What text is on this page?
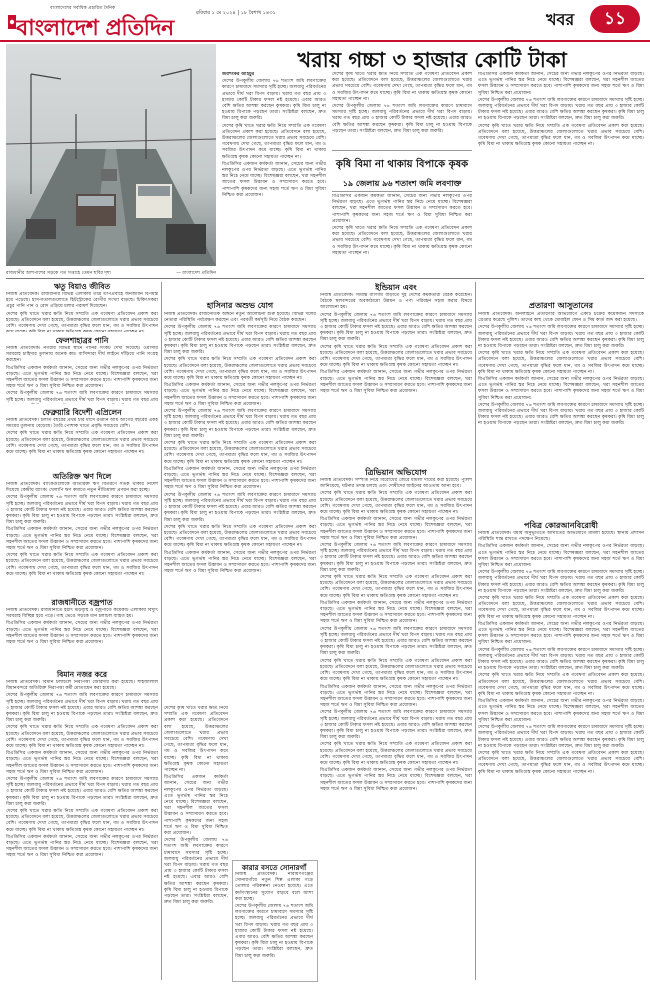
বাংলাদেশের সর্বাধিক প্রচারিত দৈনিক
বাংলাদেশ প্রতিদিন
রবিবার ১ মে ২০২৪ | ১৮ বৈশাখ ১৪৩১	খবর	১১
খরায় গচ্চা ৩ হাজার কোটি টাকা
রাজধানীর আশপাশের সড়কে গত সপ্তাহে তেমন ছবির দৃশ্য	— বাংলাদেশ প্রতিদিন

জয়শংকর আইচুর

দেশের উপকূলীয় জেলায় ৭৬ শতাংশ জমি লবণাক্তের কারণে চাষাবাদে সমস্যার সৃষ্টি হচ্ছে। জলবায়ু পরিবর্তনের প্রভাবে দীর্ঘ খরা বিপদ বাড়ায়। খরায় গত বছর প্রায় ৩ হাজার কোটি টাকার ফসল নষ্ট হয়েছে। এবার আরও বেশি ক্ষতির আশঙ্কা করছেন কৃষকরা। কৃষি বিমা চালু না হওয়ায় বিপাকে পড়ছেন তারা। সংশ্লিষ্টরা বলছেন, দ্রুত বিমা চালু করা জরুরি।

দেশের কৃষি খাতে খরার ক্ষতি নিয়ে সম্প্রতি এক গবেষণা প্রতিবেদন প্রকাশ করা হয়েছে। প্রতিবেদনে বলা হয়েছে, উত্তরাঞ্চলের জেলাগুলোতে খরার প্রভাব সবচেয়ে বেশি। গবেষণায় দেখা গেছে, তাপমাত্রা বৃদ্ধির ফলে ধান, গম ও সবজির উৎপাদন কমে যাচ্ছে। কৃষি বিমা না থাকায় ক্ষতিগ্রস্ত কৃষক কোনো সহায়তা পাচ্ছেন না।

বিএডিসির একজন কর্মকর্তা জানান, সেচের জন্য গভীর নলকূপের ওপর নির্ভরতা বাড়ছে। এতে ভূগর্ভস্থ পানির স্তর নিচে নেমে যাচ্ছে। বিশেষজ্ঞরা বলছেন, খরা সহনশীল জাতের ফসল উদ্ভাবন ও সম্প্রসারণ করতে হবে। পাশাপাশি কৃষকদের জন্য সহজ শর্তে ঋণ ও বিমা সুবিধা নিশ্চিত করা প্রয়োজন।

দেশের কৃষি খাতে খরার ক্ষতি নিয়ে সম্প্রতি এক গবেষণা প্রতিবেদন প্রকাশ করা হয়েছে। প্রতিবেদনে বলা হয়েছে, উত্তরাঞ্চলের জেলাগুলোতে খরার প্রভাব সবচেয়ে বেশি। গবেষণায় দেখা গেছে, তাপমাত্রা বৃদ্ধির ফলে ধান, গম ও সবজির উৎপাদন কমে যাচ্ছে। কৃষি বিমা না থাকায় ক্ষতিগ্রস্ত কৃষক কোনো সহায়তা পাচ্ছেন না।

দেশের উপকূলীয় জেলায় ৭৬ শতাংশ জমি লবণাক্তের কারণে চাষাবাদে সমস্যার সৃষ্টি হচ্ছে। জলবায়ু পরিবর্তনের প্রভাবে দীর্ঘ খরা বিপদ বাড়ায়। খরায় গত বছর প্রায় ৩ হাজার কোটি টাকার ফসল নষ্ট হয়েছে। এবার আরও বেশি ক্ষতির আশঙ্কা করছেন কৃষকরা। কৃষি বিমা চালু না হওয়ায় বিপাকে পড়ছেন তারা। সংশ্লিষ্টরা বলছেন, দ্রুত বিমা চালু করা জরুরি।

কৃষি বিমা না থাকায় বিপাকে কৃষক
১৯ জেলায় ৯৬ শতাংশ জমি লবণাক্ত

বিএডিসির একজন কর্মকর্তা জানান, সেচের জন্য গভীর নলকূপের ওপর নির্ভরতা বাড়ছে। এতে ভূগর্ভস্থ পানির স্তর নিচে নেমে যাচ্ছে। বিশেষজ্ঞরা বলছেন, খরা সহনশীল জাতের ফসল উদ্ভাবন ও সম্প্রসারণ করতে হবে। পাশাপাশি কৃষকদের জন্য সহজ শর্তে ঋণ ও বিমা সুবিধা নিশ্চিত করা প্রয়োজন।

দেশের কৃষি খাতে খরার ক্ষতি নিয়ে সম্প্রতি এক গবেষণা প্রতিবেদন প্রকাশ করা হয়েছে। প্রতিবেদনে বলা হয়েছে, উত্তরাঞ্চলের জেলাগুলোতে খরার প্রভাব সবচেয়ে বেশি। গবেষণায় দেখা গেছে, তাপমাত্রা বৃদ্ধির ফলে ধান, গম ও সবজির উৎপাদন কমে যাচ্ছে। কৃষি বিমা না থাকায় ক্ষতিগ্রস্ত কৃষক কোনো সহায়তা পাচ্ছেন না।

বিএডিসির একজন কর্মকর্তা জানান, সেচের জন্য গভীর নলকূপের ওপর নির্ভরতা বাড়ছে। এতে ভূগর্ভস্থ পানির স্তর নিচে নেমে যাচ্ছে। বিশেষজ্ঞরা বলছেন, খরা সহনশীল জাতের ফসল উদ্ভাবন ও সম্প্রসারণ করতে হবে। পাশাপাশি কৃষকদের জন্য সহজ শর্তে ঋণ ও বিমা সুবিধা নিশ্চিত করা প্রয়োজন।

দেশের উপকূলীয় জেলায় ৭৬ শতাংশ জমি লবণাক্তের কারণে চাষাবাদে সমস্যার সৃষ্টি হচ্ছে। জলবায়ু পরিবর্তনের প্রভাবে দীর্ঘ খরা বিপদ বাড়ায়। খরায় গত বছর প্রায় ৩ হাজার কোটি টাকার ফসল নষ্ট হয়েছে। এবার আরও বেশি ক্ষতির আশঙ্কা করছেন কৃষকরা। কৃষি বিমা চালু না হওয়ায় বিপাকে পড়ছেন তারা। সংশ্লিষ্টরা বলছেন, দ্রুত বিমা চালু করা জরুরি।

দেশের কৃষি খাতে খরার ক্ষতি নিয়ে সম্প্রতি এক গবেষণা প্রতিবেদন প্রকাশ করা হয়েছে। প্রতিবেদনে বলা হয়েছে, উত্তরাঞ্চলের জেলাগুলোতে খরার প্রভাব সবচেয়ে বেশি। গবেষণায় দেখা গেছে, তাপমাত্রা বৃদ্ধির ফলে ধান, গম ও সবজির উৎপাদন কমে যাচ্ছে। কৃষি বিমা না থাকায় ক্ষতিগ্রস্ত কৃষক কোনো সহায়তা পাচ্ছেন না।

ঋতু বিয়াও জীবিত

নিজস্ব প্রতিবেদক। রাজধানীর বিভিন্ন এলাকায় তীব্র তাপপ্রবাহে জনজীবন বিপর্যস্ত হয়ে পড়েছে। হাসপাতালগুলোতে হিটস্ট্রোকের রোগীর সংখ্যা বাড়ছে। চিকিৎসকরা প্রচুর পানি পান ও রোদ এড়িয়ে চলার পরামর্শ দিয়েছেন।

দেশের কৃষি খাতে খরার ক্ষতি নিয়ে সম্প্রতি এক গবেষণা প্রতিবেদন প্রকাশ করা হয়েছে। প্রতিবেদনে বলা হয়েছে, উত্তরাঞ্চলের জেলাগুলোতে খরার প্রভাব সবচেয়ে বেশি। গবেষণায় দেখা গেছে, তাপমাত্রা বৃদ্ধির ফলে ধান, গম ও সবজির উৎপাদন

ফেলশাহাব্রর পানি

নিজস্ব প্রতিবেদক। নগরীর বিভিন্ন স্থানে পানির সংকট দেখা দিয়েছে। ওয়াসার সরবরাহ চাহিদার তুলনায় অনেক কম। বাসিন্দারা দীর্ঘ লাইনে দাঁড়িয়ে পানি সংগ্রহ করছেন।

বিএডিসির একজন কর্মকর্তা জানান, সেচের জন্য গভীর নলকূপের ওপর নির্ভরতা বাড়ছে। এতে ভূগর্ভস্থ পানির স্তর নিচে নেমে যাচ্ছে। বিশেষজ্ঞরা বলছেন, খরা সহনশীল জাতের ফসল উদ্ভাবন ও সম্প্রসারণ করতে হবে। পাশাপাশি কৃষকদের জন্য সহজ শর্তে ঋণ ও বিমা সুবিধা নিশ্চিত করা প্রয়োজন।

দেশের উপকূলীয় জেলায় ৭৬ শতাংশ জমি লবণাক্তের কারণে চাষাবাদে সমস্যার সৃষ্টি হচ্ছে। জলবায়ু পরিবর্তনের প্রভাবে দীর্ঘ খরা বিপদ বাড়ায়। খরায় গত বছর প্রায়

ফেব্রুয়ারি বিদেশী এপ্রিলেন

নিজস্ব প্রতিবেদক। চলতি বছরের প্রথম চার মাসে রপ্তানি আয় আগের বছরের একই সময়ের তুলনায় বেড়েছে। তৈরি পোশাক খাতে প্রবৃদ্ধি সবচেয়ে বেশি।

দেশের কৃষি খাতে খরার ক্ষতি নিয়ে সম্প্রতি এক গবেষণা প্রতিবেদন প্রকাশ করা হয়েছে। প্রতিবেদনে বলা হয়েছে, উত্তরাঞ্চলের জেলাগুলোতে খরার প্রভাব সবচেয়ে বেশি। গবেষণায় দেখা গেছে, তাপমাত্রা বৃদ্ধির ফলে ধান, গম ও সবজির উৎপাদন কমে যাচ্ছে। কৃষি বিমা না থাকায় ক্ষতিগ্রস্ত কৃষক কোনো সহায়তা পাচ্ছেন না।

অতিরিক্ত ঋণ দিলে

নিজস্ব প্রতিবেদক। ব্যাংকগুলোকে অতিরিক্ত ঋণ বিতরণে সতর্ক থাকার নির্দেশ দিয়েছে কেন্দ্রীয় ব্যাংক। খেলাপি ঋণ কমাতে নতুন নীতিমালা প্রণয়ন করা হচ্ছে।

দেশের উপকূলীয় জেলায় ৭৬ শতাংশ জমি লবণাক্তের কারণে চাষাবাদে সমস্যার সৃষ্টি হচ্ছে। জলবায়ু পরিবর্তনের প্রভাবে দীর্ঘ খরা বিপদ বাড়ায়। খরায় গত বছর প্রায় ৩ হাজার কোটি টাকার ফসল নষ্ট হয়েছে। এবার আরও বেশি ক্ষতির আশঙ্কা করছেন কৃষকরা। কৃষি বিমা চালু না হওয়ায় বিপাকে পড়ছেন তারা। সংশ্লিষ্টরা বলছেন, দ্রুত বিমা চালু করা জরুরি।

বিএডিসির একজন কর্মকর্তা জানান, সেচের জন্য গভীর নলকূপের ওপর নির্ভরতা বাড়ছে। এতে ভূগর্ভস্থ পানির স্তর নিচে নেমে যাচ্ছে। বিশেষজ্ঞরা বলছেন, খরা সহনশীল জাতের ফসল উদ্ভাবন ও সম্প্রসারণ করতে হবে। পাশাপাশি কৃষকদের জন্য সহজ শর্তে ঋণ ও বিমা সুবিধা নিশ্চিত করা প্রয়োজন।

দেশের কৃষি খাতে খরার ক্ষতি নিয়ে সম্প্রতি এক গবেষণা প্রতিবেদন প্রকাশ করা হয়েছে। প্রতিবেদনে বলা হয়েছে, উত্তরাঞ্চলের জেলাগুলোতে খরার প্রভাব সবচেয়ে বেশি। গবেষণায় দেখা গেছে, তাপমাত্রা বৃদ্ধির ফলে ধান, গম ও সবজির উৎপাদন কমে যাচ্ছে। কৃষি বিমা না থাকায় ক্ষতিগ্রস্ত কৃষক কোনো সহায়তা পাচ্ছেন না।

রাজধানীতে বজ্রপাত

নিজস্ব প্রতিবেদক। রাজধানীতে হঠাৎ ঝড়বৃষ্টি ও বজ্রপাতে কয়েকটি এলাকায় বিদ্যুৎ সরবরাহ বিচ্ছিন্ন হয়ে পড়ে। গাছ ভেঙে সড়কে যান চলাচল ব্যাহত হয়।

বিএডিসির একজন কর্মকর্তা জানান, সেচের জন্য গভীর নলকূপের ওপর নির্ভরতা বাড়ছে। এতে ভূগর্ভস্থ পানির স্তর নিচে নেমে যাচ্ছে। বিশেষজ্ঞরা বলছেন, খরা সহনশীল জাতের ফসল উদ্ভাবন ও সম্প্রসারণ করতে হবে। পাশাপাশি কৃষকদের জন্য সহজ শর্তে ঋণ ও বিমা সুবিধা নিশ্চিত করা প্রয়োজন।

বিমান নজর করে

নিজস্ব প্রতিবেদক। বিমান চলাচলে নিরাপত্তা জোরদার করা হয়েছে। শাহজালাল বিমানবন্দরে অতিরিক্ত নিরাপত্তা কর্মী মোতায়েন করা হয়েছে।

দেশের উপকূলীয় জেলায় ৭৬ শতাংশ জমি লবণাক্তের কারণে চাষাবাদে সমস্যার সৃষ্টি হচ্ছে। জলবায়ু পরিবর্তনের প্রভাবে দীর্ঘ খরা বিপদ বাড়ায়। খরায় গত বছর প্রায় ৩ হাজার কোটি টাকার ফসল নষ্ট হয়েছে। এবার আরও বেশি ক্ষতির আশঙ্কা করছেন কৃষকরা। কৃষি বিমা চালু না হওয়ায় বিপাকে পড়ছেন তারা। সংশ্লিষ্টরা বলছেন, দ্রুত বিমা চালু করা জরুরি।

দেশের কৃষি খাতে খরার ক্ষতি নিয়ে সম্প্রতি এক গবেষণা প্রতিবেদন প্রকাশ করা হয়েছে। প্রতিবেদনে বলা হয়েছে, উত্তরাঞ্চলের জেলাগুলোতে খরার প্রভাব সবচেয়ে বেশি। গবেষণায় দেখা গেছে, তাপমাত্রা বৃদ্ধির ফলে ধান, গম ও সবজির উৎপাদন কমে যাচ্ছে। কৃষি বিমা না থাকায় ক্ষতিগ্রস্ত কৃষক কোনো সহায়তা পাচ্ছেন না।

বিএডিসির একজন কর্মকর্তা জানান, সেচের জন্য গভীর নলকূপের ওপর নির্ভরতা বাড়ছে। এতে ভূগর্ভস্থ পানির স্তর নিচে নেমে যাচ্ছে। বিশেষজ্ঞরা বলছেন, খরা সহনশীল জাতের ফসল উদ্ভাবন ও সম্প্রসারণ করতে হবে। পাশাপাশি কৃষকদের জন্য সহজ শর্তে ঋণ ও বিমা সুবিধা নিশ্চিত করা প্রয়োজন।

দেশের উপকূলীয় জেলায় ৭৬ শতাংশ জমি লবণাক্তের কারণে চাষাবাদে সমস্যার সৃষ্টি হচ্ছে। জলবায়ু পরিবর্তনের প্রভাবে দীর্ঘ খরা বিপদ বাড়ায়। খরায় গত বছর প্রায় ৩ হাজার কোটি টাকার ফসল নষ্ট হয়েছে। এবার আরও বেশি ক্ষতির আশঙ্কা করছেন কৃষকরা। কৃষি বিমা চালু না হওয়ায় বিপাকে পড়ছেন তারা। সংশ্লিষ্টরা বলছেন, দ্রুত বিমা চালু করা জরুরি।

দেশের কৃষি খাতে খরার ক্ষতি নিয়ে সম্প্রতি এক গবেষণা প্রতিবেদন প্রকাশ করা হয়েছে। প্রতিবেদনে বলা হয়েছে, উত্তরাঞ্চলের জেলাগুলোতে খরার প্রভাব সবচেয়ে বেশি। গবেষণায় দেখা গেছে, তাপমাত্রা বৃদ্ধির ফলে ধান, গম ও সবজির উৎপাদন কমে যাচ্ছে। কৃষি বিমা না থাকায় ক্ষতিগ্রস্ত কৃষক কোনো সহায়তা পাচ্ছেন না।

বিএডিসির একজন কর্মকর্তা জানান, সেচের জন্য গভীর নলকূপের ওপর নির্ভরতা বাড়ছে। এতে ভূগর্ভস্থ পানির স্তর নিচে নেমে যাচ্ছে। বিশেষজ্ঞরা বলছেন, খরা সহনশীল জাতের ফসল উদ্ভাবন ও সম্প্রসারণ করতে হবে। পাশাপাশি কৃষকদের জন্য সহজ শর্তে ঋণ ও বিমা সুবিধা নিশ্চিত করা প্রয়োজন।

হাসিনার অশুভ যোগ

নিজস্ব প্রতিবেদক। রাজনৈতিক অঙ্গনে নতুন আলোচনা শুরু হয়েছে। বিভিন্ন দলের নেতারা পরিস্থিতি পর্যবেক্ষণ করছেন এবং পরবর্তী কর্মসূচি নিয়ে বৈঠক করছেন।

দেশের উপকূলীয় জেলায় ৭৬ শতাংশ জমি লবণাক্তের কারণে চাষাবাদে সমস্যার সৃষ্টি হচ্ছে। জলবায়ু পরিবর্তনের প্রভাবে দীর্ঘ খরা বিপদ বাড়ায়। খরায় গত বছর প্রায় ৩ হাজার কোটি টাকার ফসল নষ্ট হয়েছে। এবার আরও বেশি ক্ষতির আশঙ্কা করছেন কৃষকরা। কৃষি বিমা চালু না হওয়ায় বিপাকে পড়ছেন তারা। সংশ্লিষ্টরা বলছেন, দ্রুত বিমা চালু করা জরুরি।

দেশের কৃষি খাতে খরার ক্ষতি নিয়ে সম্প্রতি এক গবেষণা প্রতিবেদন প্রকাশ করা হয়েছে। প্রতিবেদনে বলা হয়েছে, উত্তরাঞ্চলের জেলাগুলোতে খরার প্রভাব সবচেয়ে বেশি। গবেষণায় দেখা গেছে, তাপমাত্রা বৃদ্ধির ফলে ধান, গম ও সবজির উৎপাদন কমে যাচ্ছে। কৃষি বিমা না থাকায় ক্ষতিগ্রস্ত কৃষক কোনো সহায়তা পাচ্ছেন না।

বিএডিসির একজন কর্মকর্তা জানান, সেচের জন্য গভীর নলকূপের ওপর নির্ভরতা বাড়ছে। এতে ভূগর্ভস্থ পানির স্তর নিচে নেমে যাচ্ছে। বিশেষজ্ঞরা বলছেন, খরা সহনশীল জাতের ফসল উদ্ভাবন ও সম্প্রসারণ করতে হবে। পাশাপাশি কৃষকদের জন্য সহজ শর্তে ঋণ ও বিমা সুবিধা নিশ্চিত করা প্রয়োজন।

দেশের উপকূলীয় জেলায় ৭৬ শতাংশ জমি লবণাক্তের কারণে চাষাবাদে সমস্যার সৃষ্টি হচ্ছে। জলবায়ু পরিবর্তনের প্রভাবে দীর্ঘ খরা বিপদ বাড়ায়। খরায় গত বছর প্রায় ৩ হাজার কোটি টাকার ফসল নষ্ট হয়েছে। এবার আরও বেশি ক্ষতির আশঙ্কা করছেন কৃষকরা। কৃষি বিমা চালু না হওয়ায় বিপাকে পড়ছেন তারা। সংশ্লিষ্টরা বলছেন, দ্রুত বিমা চালু করা জরুরি।

দেশের কৃষি খাতে খরার ক্ষতি নিয়ে সম্প্রতি এক গবেষণা প্রতিবেদন প্রকাশ করা হয়েছে। প্রতিবেদনে বলা হয়েছে, উত্তরাঞ্চলের জেলাগুলোতে খরার প্রভাব সবচেয়ে বেশি। গবেষণায় দেখা গেছে, তাপমাত্রা বৃদ্ধির ফলে ধান, গম ও সবজির উৎপাদন কমে যাচ্ছে। কৃষি বিমা না থাকায় ক্ষতিগ্রস্ত কৃষক কোনো সহায়তা পাচ্ছেন না।

বিএডিসির একজন কর্মকর্তা জানান, সেচের জন্য গভীর নলকূপের ওপর নির্ভরতা বাড়ছে। এতে ভূগর্ভস্থ পানির স্তর নিচে নেমে যাচ্ছে। বিশেষজ্ঞরা বলছেন, খরা সহনশীল জাতের ফসল উদ্ভাবন ও সম্প্রসারণ করতে হবে। পাশাপাশি কৃষকদের জন্য সহজ শর্তে ঋণ ও বিমা সুবিধা নিশ্চিত করা প্রয়োজন।

দেশের উপকূলীয় জেলায় ৭৬ শতাংশ জমি লবণাক্তের কারণে চাষাবাদে সমস্যার সৃষ্টি হচ্ছে। জলবায়ু পরিবর্তনের প্রভাবে দীর্ঘ খরা বিপদ বাড়ায়। খরায় গত বছর প্রায় ৩ হাজার কোটি টাকার ফসল নষ্ট হয়েছে। এবার আরও বেশি ক্ষতির আশঙ্কা করছেন কৃষকরা। কৃষি বিমা চালু না হওয়ায় বিপাকে পড়ছেন তারা। সংশ্লিষ্টরা বলছেন, দ্রুত বিমা চালু করা জরুরি।

দেশের কৃষি খাতে খরার ক্ষতি নিয়ে সম্প্রতি এক গবেষণা প্রতিবেদন প্রকাশ করা হয়েছে। প্রতিবেদনে বলা হয়েছে, উত্তরাঞ্চলের জেলাগুলোতে খরার প্রভাব সবচেয়ে বেশি। গবেষণায় দেখা গেছে, তাপমাত্রা বৃদ্ধির ফলে ধান, গম ও সবজির উৎপাদন কমে যাচ্ছে। কৃষি বিমা না থাকায় ক্ষতিগ্রস্ত কৃষক কোনো সহায়তা পাচ্ছেন না।

বিএডিসির একজন কর্মকর্তা জানান, সেচের জন্য গভীর নলকূপের ওপর নির্ভরতা বাড়ছে। এতে ভূগর্ভস্থ পানির স্তর নিচে নেমে যাচ্ছে। বিশেষজ্ঞরা বলছেন, খরা সহনশীল জাতের ফসল উদ্ভাবন ও সম্প্রসারণ করতে হবে। পাশাপাশি কৃষকদের জন্য সহজ শর্তে ঋণ ও বিমা সুবিধা নিশ্চিত করা প্রয়োজন।

কারার বসতে সোনারগাঁ

নিজস্ব প্রতিবেদক। নারায়ণগঞ্জের সোনারগাঁয়ে নতুন শিল্প এলাকা গড়ে তোলার পরিকল্পনা নেওয়া হয়েছে। এতে কর্মসংস্থানের সুযোগ বাড়বে বলে আশা করা হচ্ছে।

দেশের উপকূলীয় জেলায় ৭৬ শতাংশ জমি লবণাক্তের কারণে চাষাবাদে সমস্যার সৃষ্টি হচ্ছে। জলবায়ু পরিবর্তনের প্রভাবে দীর্ঘ খরা বিপদ বাড়ায়। খরায় গত বছর প্রায় ৩ হাজার কোটি টাকার ফসল নষ্ট হয়েছে। এবার আরও বেশি ক্ষতির আশঙ্কা করছেন কৃষকরা। কৃষি বিমা চালু না হওয়ায় বিপাকে পড়ছেন তারা। সংশ্লিষ্টরা বলছেন, দ্রুত বিমা চালু করা জরুরি।

দেশের কৃষি খাতে খরার ক্ষতি নিয়ে সম্প্রতি এক গবেষণা প্রতিবেদন প্রকাশ করা হয়েছে। প্রতিবেদনে বলা হয়েছে, উত্তরাঞ্চলের জেলাগুলোতে খরার প্রভাব সবচেয়ে বেশি। গবেষণায় দেখা গেছে, তাপমাত্রা বৃদ্ধির ফলে ধান, গম ও সবজির উৎপাদন কমে যাচ্ছে। কৃষি বিমা না থাকায় ক্ষতিগ্রস্ত কৃষক কোনো সহায়তা পাচ্ছেন না।

বিএডিসির একজন কর্মকর্তা জানান, সেচের জন্য গভীর নলকূপের ওপর নির্ভরতা বাড়ছে। এতে ভূগর্ভস্থ পানির স্তর নিচে নেমে যাচ্ছে। বিশেষজ্ঞরা বলছেন, খরা সহনশীল জাতের ফসল উদ্ভাবন ও সম্প্রসারণ করতে হবে। পাশাপাশি কৃষকদের জন্য সহজ শর্তে ঋণ ও বিমা সুবিধা নিশ্চিত করা প্রয়োজন।

দেশের উপকূলীয় জেলায় ৭৬ শতাংশ জমি লবণাক্তের কারণে চাষাবাদে সমস্যার সৃষ্টি হচ্ছে। জলবায়ু পরিবর্তনের প্রভাবে দীর্ঘ খরা বিপদ বাড়ায়। খরায় গত বছর প্রায় ৩ হাজার কোটি টাকার ফসল নষ্ট হয়েছে। এবার আরও বেশি ক্ষতির আশঙ্কা করছেন কৃষকরা। কৃষি বিমা চালু না হওয়ায় বিপাকে পড়ছেন তারা। সংশ্লিষ্টরা বলছেন, দ্রুত বিমা চালু করা জরুরি।

ইন্ডিয়ান এবং

নিজস্ব প্রতিবেদক। সীমান্ত বাণিজ্য বাড়াতে দুই দেশের কর্মকর্তারা বৈঠক করেছেন। বৈঠকে স্থলবন্দরের অবকাঠামো উন্নয়ন ও পণ্য পরিবহন সহজ করার বিষয়ে আলোচনা হয়।

দেশের উপকূলীয় জেলায় ৭৬ শতাংশ জমি লবণাক্তের কারণে চাষাবাদে সমস্যার সৃষ্টি হচ্ছে। জলবায়ু পরিবর্তনের প্রভাবে দীর্ঘ খরা বিপদ বাড়ায়। খরায় গত বছর প্রায় ৩ হাজার কোটি টাকার ফসল নষ্ট হয়েছে। এবার আরও বেশি ক্ষতির আশঙ্কা করছেন কৃষকরা। কৃষি বিমা চালু না হওয়ায় বিপাকে পড়ছেন তারা। সংশ্লিষ্টরা বলছেন, দ্রুত বিমা চালু করা জরুরি।

দেশের কৃষি খাতে খরার ক্ষতি নিয়ে সম্প্রতি এক গবেষণা প্রতিবেদন প্রকাশ করা হয়েছে। প্রতিবেদনে বলা হয়েছে, উত্তরাঞ্চলের জেলাগুলোতে খরার প্রভাব সবচেয়ে বেশি। গবেষণায় দেখা গেছে, তাপমাত্রা বৃদ্ধির ফলে ধান, গম ও সবজির উৎপাদন কমে যাচ্ছে। কৃষি বিমা না থাকায় ক্ষতিগ্রস্ত কৃষক কোনো সহায়তা পাচ্ছেন না।

বিএডিসির একজন কর্মকর্তা জানান, সেচের জন্য গভীর নলকূপের ওপর নির্ভরতা বাড়ছে। এতে ভূগর্ভস্থ পানির স্তর নিচে নেমে যাচ্ছে। বিশেষজ্ঞরা বলছেন, খরা সহনশীল জাতের ফসল উদ্ভাবন ও সম্প্রসারণ করতে হবে। পাশাপাশি কৃষকদের জন্য সহজ শর্তে ঋণ ও বিমা সুবিধা নিশ্চিত করা প্রয়োজন।

ত্রিভিয়ান অভিযোগ

নিজস্ব প্রতিবেদক। সম্পত্তি নিয়ে বিরোধের জেরে মামলা দায়ের করা হয়েছে। পুলিশ জানিয়েছে, ঘটনার তদন্ত চলছে এবং দোষীদের আইনের আওতায় আনা হবে।

দেশের কৃষি খাতে খরার ক্ষতি নিয়ে সম্প্রতি এক গবেষণা প্রতিবেদন প্রকাশ করা হয়েছে। প্রতিবেদনে বলা হয়েছে, উত্তরাঞ্চলের জেলাগুলোতে খরার প্রভাব সবচেয়ে বেশি। গবেষণায় দেখা গেছে, তাপমাত্রা বৃদ্ধির ফলে ধান, গম ও সবজির উৎপাদন কমে যাচ্ছে। কৃষি বিমা না থাকায় ক্ষতিগ্রস্ত কৃষক কোনো সহায়তা পাচ্ছেন না।

বিএডিসির একজন কর্মকর্তা জানান, সেচের জন্য গভীর নলকূপের ওপর নির্ভরতা বাড়ছে। এতে ভূগর্ভস্থ পানির স্তর নিচে নেমে যাচ্ছে। বিশেষজ্ঞরা বলছেন, খরা সহনশীল জাতের ফসল উদ্ভাবন ও সম্প্রসারণ করতে হবে। পাশাপাশি কৃষকদের জন্য সহজ শর্তে ঋণ ও বিমা সুবিধা নিশ্চিত করা প্রয়োজন।

দেশের উপকূলীয় জেলায় ৭৬ শতাংশ জমি লবণাক্তের কারণে চাষাবাদে সমস্যার সৃষ্টি হচ্ছে। জলবায়ু পরিবর্তনের প্রভাবে দীর্ঘ খরা বিপদ বাড়ায়। খরায় গত বছর প্রায় ৩ হাজার কোটি টাকার ফসল নষ্ট হয়েছে। এবার আরও বেশি ক্ষতির আশঙ্কা করছেন কৃষকরা। কৃষি বিমা চালু না হওয়ায় বিপাকে পড়ছেন তারা। সংশ্লিষ্টরা বলছেন, দ্রুত বিমা চালু করা জরুরি।

দেশের কৃষি খাতে খরার ক্ষতি নিয়ে সম্প্রতি এক গবেষণা প্রতিবেদন প্রকাশ করা হয়েছে। প্রতিবেদনে বলা হয়েছে, উত্তরাঞ্চলের জেলাগুলোতে খরার প্রভাব সবচেয়ে বেশি। গবেষণায় দেখা গেছে, তাপমাত্রা বৃদ্ধির ফলে ধান, গম ও সবজির উৎপাদন কমে যাচ্ছে। কৃষি বিমা না থাকায় ক্ষতিগ্রস্ত কৃষক কোনো সহায়তা পাচ্ছেন না।

বিএডিসির একজন কর্মকর্তা জানান, সেচের জন্য গভীর নলকূপের ওপর নির্ভরতা বাড়ছে। এতে ভূগর্ভস্থ পানির স্তর নিচে নেমে যাচ্ছে। বিশেষজ্ঞরা বলছেন, খরা সহনশীল জাতের ফসল উদ্ভাবন ও সম্প্রসারণ করতে হবে। পাশাপাশি কৃষকদের জন্য সহজ শর্তে ঋণ ও বিমা সুবিধা নিশ্চিত করা প্রয়োজন।

দেশের উপকূলীয় জেলায় ৭৬ শতাংশ জমি লবণাক্তের কারণে চাষাবাদে সমস্যার সৃষ্টি হচ্ছে। জলবায়ু পরিবর্তনের প্রভাবে দীর্ঘ খরা বিপদ বাড়ায়। খরায় গত বছর প্রায় ৩ হাজার কোটি টাকার ফসল নষ্ট হয়েছে। এবার আরও বেশি ক্ষতির আশঙ্কা করছেন কৃষকরা। কৃষি বিমা চালু না হওয়ায় বিপাকে পড়ছেন তারা। সংশ্লিষ্টরা বলছেন, দ্রুত বিমা চালু করা জরুরি।

দেশের কৃষি খাতে খরার ক্ষতি নিয়ে সম্প্রতি এক গবেষণা প্রতিবেদন প্রকাশ করা হয়েছে। প্রতিবেদনে বলা হয়েছে, উত্তরাঞ্চলের জেলাগুলোতে খরার প্রভাব সবচেয়ে বেশি। গবেষণায় দেখা গেছে, তাপমাত্রা বৃদ্ধির ফলে ধান, গম ও সবজির উৎপাদন কমে যাচ্ছে। কৃষি বিমা না থাকায় ক্ষতিগ্রস্ত কৃষক কোনো সহায়তা পাচ্ছেন না।

বিএডিসির একজন কর্মকর্তা জানান, সেচের জন্য গভীর নলকূপের ওপর নির্ভরতা বাড়ছে। এতে ভূগর্ভস্থ পানির স্তর নিচে নেমে যাচ্ছে। বিশেষজ্ঞরা বলছেন, খরা সহনশীল জাতের ফসল উদ্ভাবন ও সম্প্রসারণ করতে হবে। পাশাপাশি কৃষকদের জন্য সহজ শর্তে ঋণ ও বিমা সুবিধা নিশ্চিত করা প্রয়োজন।

দেশের উপকূলীয় জেলায় ৭৬ শতাংশ জমি লবণাক্তের কারণে চাষাবাদে সমস্যার সৃষ্টি হচ্ছে। জলবায়ু পরিবর্তনের প্রভাবে দীর্ঘ খরা বিপদ বাড়ায়। খরায় গত বছর প্রায় ৩ হাজার কোটি টাকার ফসল নষ্ট হয়েছে। এবার আরও বেশি ক্ষতির আশঙ্কা করছেন কৃষকরা। কৃষি বিমা চালু না হওয়ায় বিপাকে পড়ছেন তারা। সংশ্লিষ্টরা বলছেন, দ্রুত বিমা চালু করা জরুরি।

দেশের কৃষি খাতে খরার ক্ষতি নিয়ে সম্প্রতি এক গবেষণা প্রতিবেদন প্রকাশ করা হয়েছে। প্রতিবেদনে বলা হয়েছে, উত্তরাঞ্চলের জেলাগুলোতে খরার প্রভাব সবচেয়ে বেশি। গবেষণায় দেখা গেছে, তাপমাত্রা বৃদ্ধির ফলে ধান, গম ও সবজির উৎপাদন কমে যাচ্ছে। কৃষি বিমা না থাকায় ক্ষতিগ্রস্ত কৃষক কোনো সহায়তা পাচ্ছেন না।

বিএডিসির একজন কর্মকর্তা জানান, সেচের জন্য গভীর নলকূপের ওপর নির্ভরতা বাড়ছে। এতে ভূগর্ভস্থ পানির স্তর নিচে নেমে যাচ্ছে। বিশেষজ্ঞরা বলছেন, খরা সহনশীল জাতের ফসল উদ্ভাবন ও সম্প্রসারণ করতে হবে। পাশাপাশি কৃষকদের জন্য সহজ শর্তে ঋণ ও বিমা সুবিধা নিশ্চিত করা প্রয়োজন।

প্রতারণা আসুতানের

নিজস্ব প্রতিবেদক। অনলাইনে প্রতারণার অভিযোগে একটি চক্রের কয়েকজন সদস্যকে গ্রেপ্তার করেছে পুলিশ। তাদের কাছ থেকে মোবাইল ফোন ও সিম কার্ড জব্দ করা হয়েছে।

দেশের উপকূলীয় জেলায় ৭৬ শতাংশ জমি লবণাক্তের কারণে চাষাবাদে সমস্যার সৃষ্টি হচ্ছে। জলবায়ু পরিবর্তনের প্রভাবে দীর্ঘ খরা বিপদ বাড়ায়। খরায় গত বছর প্রায় ৩ হাজার কোটি টাকার ফসল নষ্ট হয়েছে। এবার আরও বেশি ক্ষতির আশঙ্কা করছেন কৃষকরা। কৃষি বিমা চালু না হওয়ায় বিপাকে পড়ছেন তারা। সংশ্লিষ্টরা বলছেন, দ্রুত বিমা চালু করা জরুরি।

দেশের কৃষি খাতে খরার ক্ষতি নিয়ে সম্প্রতি এক গবেষণা প্রতিবেদন প্রকাশ করা হয়েছে। প্রতিবেদনে বলা হয়েছে, উত্তরাঞ্চলের জেলাগুলোতে খরার প্রভাব সবচেয়ে বেশি। গবেষণায় দেখা গেছে, তাপমাত্রা বৃদ্ধির ফলে ধান, গম ও সবজির উৎপাদন কমে যাচ্ছে। কৃষি বিমা না থাকায় ক্ষতিগ্রস্ত কৃষক কোনো সহায়তা পাচ্ছেন না।

বিএডিসির একজন কর্মকর্তা জানান, সেচের জন্য গভীর নলকূপের ওপর নির্ভরতা বাড়ছে। এতে ভূগর্ভস্থ পানির স্তর নিচে নেমে যাচ্ছে। বিশেষজ্ঞরা বলছেন, খরা সহনশীল জাতের ফসল উদ্ভাবন ও সম্প্রসারণ করতে হবে। পাশাপাশি কৃষকদের জন্য সহজ শর্তে ঋণ ও বিমা সুবিধা নিশ্চিত করা প্রয়োজন।

দেশের উপকূলীয় জেলায় ৭৬ শতাংশ জমি লবণাক্তের কারণে চাষাবাদে সমস্যার সৃষ্টি হচ্ছে। জলবায়ু পরিবর্তনের প্রভাবে দীর্ঘ খরা বিপদ বাড়ায়। খরায় গত বছর প্রায় ৩ হাজার কোটি টাকার ফসল নষ্ট হয়েছে। এবার আরও বেশি ক্ষতির আশঙ্কা করছেন কৃষকরা। কৃষি বিমা চালু না হওয়ায় বিপাকে পড়ছেন তারা। সংশ্লিষ্টরা বলছেন, দ্রুত বিমা চালু করা জরুরি।

পবিত্র কোরআনবিরোধী

নিজস্ব প্রতিবেদক। ধর্মীয় অনুভূতিতে আঘাতের অভিযোগে মামলা হয়েছে। স্থানীয় প্রশাসন পরিস্থিতি শান্ত রাখতে পদক্ষেপ নিয়েছে।

বিএডিসির একজন কর্মকর্তা জানান, সেচের জন্য গভীর নলকূপের ওপর নির্ভরতা বাড়ছে। এতে ভূগর্ভস্থ পানির স্তর নিচে নেমে যাচ্ছে। বিশেষজ্ঞরা বলছেন, খরা সহনশীল জাতের ফসল উদ্ভাবন ও সম্প্রসারণ করতে হবে। পাশাপাশি কৃষকদের জন্য সহজ শর্তে ঋণ ও বিমা সুবিধা নিশ্চিত করা প্রয়োজন।

দেশের উপকূলীয় জেলায় ৭৬ শতাংশ জমি লবণাক্তের কারণে চাষাবাদে সমস্যার সৃষ্টি হচ্ছে। জলবায়ু পরিবর্তনের প্রভাবে দীর্ঘ খরা বিপদ বাড়ায়। খরায় গত বছর প্রায় ৩ হাজার কোটি টাকার ফসল নষ্ট হয়েছে। এবার আরও বেশি ক্ষতির আশঙ্কা করছেন কৃষকরা। কৃষি বিমা চালু না হওয়ায় বিপাকে পড়ছেন তারা। সংশ্লিষ্টরা বলছেন, দ্রুত বিমা চালু করা জরুরি।

দেশের কৃষি খাতে খরার ক্ষতি নিয়ে সম্প্রতি এক গবেষণা প্রতিবেদন প্রকাশ করা হয়েছে। প্রতিবেদনে বলা হয়েছে, উত্তরাঞ্চলের জেলাগুলোতে খরার প্রভাব সবচেয়ে বেশি। গবেষণায় দেখা গেছে, তাপমাত্রা বৃদ্ধির ফলে ধান, গম ও সবজির উৎপাদন কমে যাচ্ছে। কৃষি বিমা না থাকায় ক্ষতিগ্রস্ত কৃষক কোনো সহায়তা পাচ্ছেন না।

বিএডিসির একজন কর্মকর্তা জানান, সেচের জন্য গভীর নলকূপের ওপর নির্ভরতা বাড়ছে। এতে ভূগর্ভস্থ পানির স্তর নিচে নেমে যাচ্ছে। বিশেষজ্ঞরা বলছেন, খরা সহনশীল জাতের ফসল উদ্ভাবন ও সম্প্রসারণ করতে হবে। পাশাপাশি কৃষকদের জন্য সহজ শর্তে ঋণ ও বিমা সুবিধা নিশ্চিত করা প্রয়োজন।

দেশের উপকূলীয় জেলায় ৭৬ শতাংশ জমি লবণাক্তের কারণে চাষাবাদে সমস্যার সৃষ্টি হচ্ছে। জলবায়ু পরিবর্তনের প্রভাবে দীর্ঘ খরা বিপদ বাড়ায়। খরায় গত বছর প্রায় ৩ হাজার কোটি টাকার ফসল নষ্ট হয়েছে। এবার আরও বেশি ক্ষতির আশঙ্কা করছেন কৃষকরা। কৃষি বিমা চালু না হওয়ায় বিপাকে পড়ছেন তারা। সংশ্লিষ্টরা বলছেন, দ্রুত বিমা চালু করা জরুরি।

দেশের কৃষি খাতে খরার ক্ষতি নিয়ে সম্প্রতি এক গবেষণা প্রতিবেদন প্রকাশ করা হয়েছে। প্রতিবেদনে বলা হয়েছে, উত্তরাঞ্চলের জেলাগুলোতে খরার প্রভাব সবচেয়ে বেশি। গবেষণায় দেখা গেছে, তাপমাত্রা বৃদ্ধির ফলে ধান, গম ও সবজির উৎপাদন কমে যাচ্ছে। কৃষি বিমা না থাকায় ক্ষতিগ্রস্ত কৃষক কোনো সহায়তা পাচ্ছেন না।

বিএডিসির একজন কর্মকর্তা জানান, সেচের জন্য গভীর নলকূপের ওপর নির্ভরতা বাড়ছে। এতে ভূগর্ভস্থ পানির স্তর নিচে নেমে যাচ্ছে। বিশেষজ্ঞরা বলছেন, খরা সহনশীল জাতের ফসল উদ্ভাবন ও সম্প্রসারণ করতে হবে। পাশাপাশি কৃষকদের জন্য সহজ শর্তে ঋণ ও বিমা সুবিধা নিশ্চিত করা প্রয়োজন।

দেশের উপকূলীয় জেলায় ৭৬ শতাংশ জমি লবণাক্তের কারণে চাষাবাদে সমস্যার সৃষ্টি হচ্ছে। জলবায়ু পরিবর্তনের প্রভাবে দীর্ঘ খরা বিপদ বাড়ায়। খরায় গত বছর প্রায় ৩ হাজার কোটি টাকার ফসল নষ্ট হয়েছে। এবার আরও বেশি ক্ষতির আশঙ্কা করছেন কৃষকরা। কৃষি বিমা চালু না হওয়ায় বিপাকে পড়ছেন তারা। সংশ্লিষ্টরা বলছেন, দ্রুত বিমা চালু করা জরুরি।

দেশের কৃষি খাতে খরার ক্ষতি নিয়ে সম্প্রতি এক গবেষণা প্রতিবেদন প্রকাশ করা হয়েছে। প্রতিবেদনে বলা হয়েছে, উত্তরাঞ্চলের জেলাগুলোতে খরার প্রভাব সবচেয়ে বেশি। গবেষণায় দেখা গেছে, তাপমাত্রা বৃদ্ধির ফলে ধান, গম ও সবজির উৎপাদন কমে যাচ্ছে। কৃষি বিমা না থাকায় ক্ষতিগ্রস্ত কৃষক কোনো সহায়তা পাচ্ছেন না।
